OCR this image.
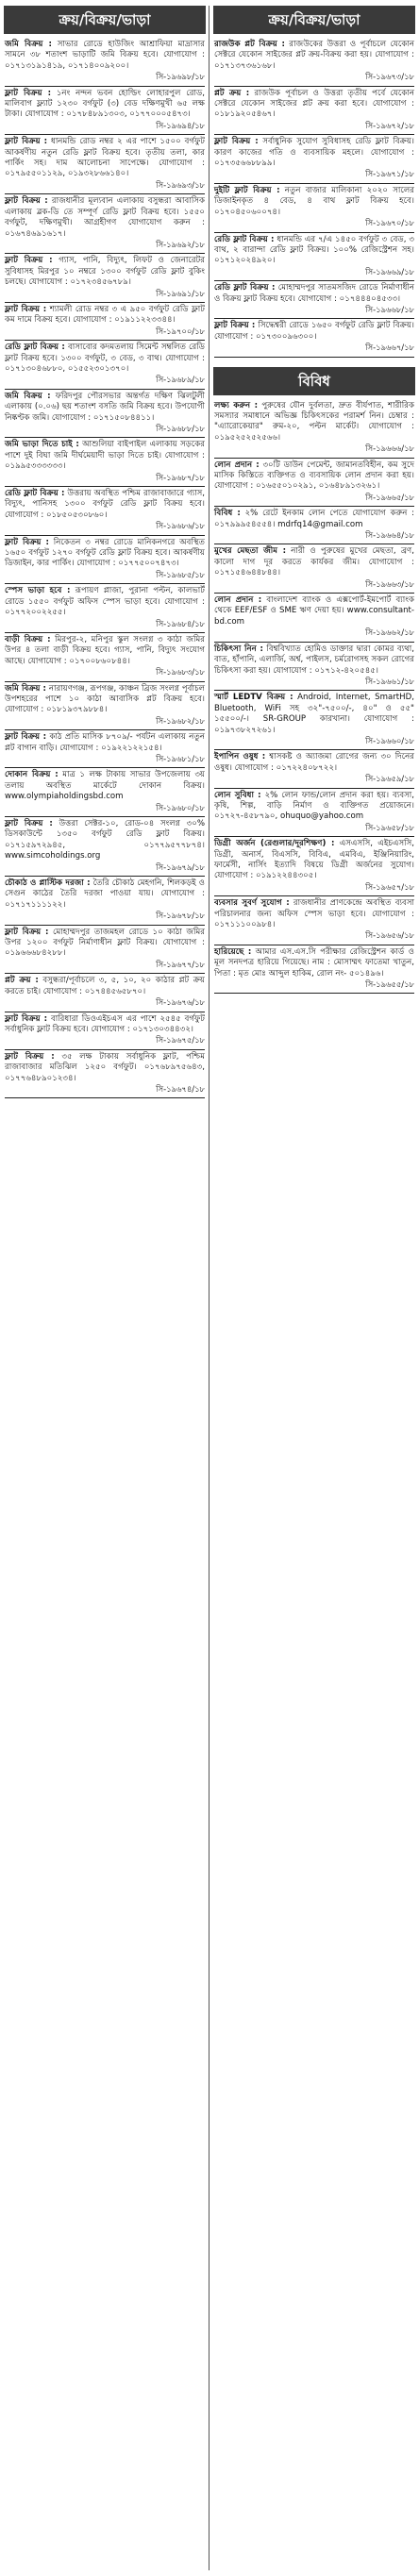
ক্রয়/বিক্রয়/ভাড়া
জমি বিক্রয় : সাভার রোডে হাউজিং আশ্রাফিয়া মাদ্রাসার সামনে ৩৮ শতাংশ ভাড়াটি জমি বিক্রয় হবে। যোগাযোগ : ০১৭১৩১৯১৪১৯, ০১৭১৪০০৯২০০।
সি-১৯৬৯৮/১৮
ফ্লাট বিক্রয় : ১নং নন্দন ভবন হোল্ডিং লোহারপুল রোড, মালিবাগ ফ্ল্যাট ১২৩০ বর্গফুট (৩) বেড দক্ষিণমুখী ৬৫ লক্ষ টাকা। যোগাযোগ : ০১৭৮৪৮৯১৩০৩, ০১৭৭০০০৫৪৭৩।
সি-১৯৬৯৪/১৮
ফ্লাট বিক্রয় : ধানমন্ডি রোড নম্বর ২ এর পাশে ১৫০০ বর্গফুট আকর্ষণীয় নতুন রেডি ফ্লাট বিক্রয় হবে। তৃতীয় তলা, কার পার্কিং সহ। দাম আলোচনা সাপেক্ষে। যোগাযোগ : ০১৭৯৫৫০১১২৯, ০১৯৩২৮৬৬১৪০।
সি-১৯৬৯৩/১৮
ফ্লাট বিক্রয় : রাজধানীর মূল্যবান এলাকায় বসুন্ধরা আবাসিক এলাকায় ব্লক-ডি তে সম্পূর্ণ রেডি ফ্লাট বিক্রয় হবে। ১৫৫০ বর্গফুট, দক্ষিণমুখী। আগ্রহীগণ যোগাযোগ করুন : ০১৬৭৪৬৯১৬১৭।
সি-১৯৬৯২/১৮
ফ্লাট বিক্রয় : গ্যাস, পানি, বিদ্যুৎ, লিফট ও জেনারেটর সুবিধাসহ মিরপুর ১০ নম্বরে ১৩০০ বর্গফুট রেডি ফ্লাট বুকিং চলছে। যোগাযোগ : ০১৭২৩৪৫৬৭৮৯।
সি-১৯৬৯১/১৮
ফ্লাট বিক্রয় : শ্যামলী রোড নম্বর ৩ এ ৯৫০ বর্গফুট রেডি ফ্লাট কম দামে বিক্রয় হবে। যোগাযোগ : ০১৯১১২২৩৩৪৪।
সি-১৯৭০০/১৮
রেডি ফ্লাট বিক্রয় : বাসাবোর কদমতলায় সিমেন্ট সম্বলিত রেডি ফ্লাট বিক্রয় হবে। ১৩০০ বর্গফুট, ৩ বেড, ৩ বাথ। যোগাযোগ : ০১৭১৩০৪৬৮৮০, ০১৫৫২৩০১৩৭০।
সি-১৯৬৮৯/১৮
জমি বিক্রয় : ফরিদপুর পৌরসভার অন্তর্গত দক্ষিণ ঝিলটুলী এলাকায় (০.০৬) ছয় শতাংশ বসতি জমি বিক্রয় হবে। উপযোগী নিষ্কণ্টক জমি। যোগাযোগ : ০১৭১৫০৮৪৪১১।
সি-১৯৬৮৮/১৮
জমি ভাড়া দিতে চাই : আশুলিয়া বাইপাইল এলাকায় সড়কের পাশে দুই বিঘা জমি দীর্ঘমেয়াদী ভাড়া দিতে চাই। যোগাযোগ : ০১৯৯৫৩৩৩৩৩৩।
সি-১৯৬৮৭/১৮
রেডি ফ্লাট বিক্রয় : উত্তরায় অবস্থিত পশ্চিম রাজাবাজারে গ্যাস, বিদ্যুৎ, পানিসহ ১৩০০ বর্গফুট রেডি ফ্লাট বিক্রয় হবে। যোগাযোগ : ০১৮৫০৫৩০৮৬০।
সি-১৯৬৮৬/১৮
ফ্লাট বিক্রয় : নিকেতন ৩ নম্বর রোডে মানিকনগরে অবস্থিত ১৬৫০ বর্গফুট ১২৭০ বর্গফুট রেডি ফ্লাট বিক্রয় হবে। আকর্ষণীয় ডিজাইন, কার পার্কিং। যোগাযোগ : ০১৭৭৫০০৭৪৭৩।
সি-১৯৬৮৫/১৮
স্পেস ভাড়া হবে : রূপায়ণ প্লাজা, পুরানা পল্টন, কালভার্ট রোডে ১৫৫০ বর্গফুট অফিস স্পেস ভাড়া হবে। যোগাযোগ : ০১৭৭২০০২২৫৫।
সি-১৯৬৮৪/১৮
বাড়ী বিক্রয় : মিরপুর-২, মনিপুর স্কুল সংলগ্ন ৩ কাঠা জমির উপর ৪ তলা বাড়ী বিক্রয় হবে। গ্যাস, পানি, বিদ্যুৎ সংযোগ আছে। যোগাযোগ : ০১৭০০৮৬০৮৪৪।
সি-১৯৬৮৩/১৮
জমি বিক্রয় : নারায়ণগঞ্জ, রূপগঞ্জ, কাঞ্চন ব্রিজ সংলগ্ন পূর্বাচল উপশহরের পাশে ১০ কাঠা আবাসিক প্লট বিক্রয় হবে। যোগাযোগ : ০১৮১৯৩৭৯৮৮৪।
সি-১৯৬৮২/১৮
ফ্লাট বিক্রয় : কাঠ প্রতি মাসিক ৮৭০৯/- পর্যটন এলাকায় নতুন প্লট বাগান বাড়ি। যোগাযোগ : ০১৯২২১২২১৫৪।
সি-১৯৬৮১/১৮
দোকান বিক্রয় : মাত্র ১ লক্ষ টাকায় সাভার উপজেলায় ৩য় তলায় অবস্থিত মার্কেটে দোকান বিক্রয়। www.olympiaholdingsbd.com
সি-১৯৬৮০/১৮
ফ্লাট বিক্রয় : উত্তরা সেক্টর-১০, রোড-০৪ সংলগ্ন ৩০% ডিসকাউন্টে ১৩৫০ বর্গফুট রেডি ফ্লাট বিক্রয়। ০১৭১৫৯৭২৯৪৫, ০১৭৭৯৫৭৭৮৭৪। www.simcoholdings.org
সি-১৯৬৭৯/১৮
চৌকাঠ ও প্লাস্টিক দরজা : তৈরি চৌকাঠ মেহগনি, শিলকড়ই ও সেগুন কাঠের তৈরি দরজা পাওয়া যায়। যোগাযোগ : ০১৭১৭১১১১২২।
সি-১৯৬৭৮/১৮
ফ্লাট বিক্রয় : মোহাম্মদপুর তাজমহল রোডে ১০ কাঠা জমির উপর ১২০০ বর্গফুট নির্মাণাধীন ফ্লাট বিক্রয়। যোগাযোগ : ০১৯৬৬৬৮৪২৮৮।
সি-১৯৬৭৭/১৮
প্লট ক্রয় : বসুন্ধরা/পূর্বাচলে ৩, ৫, ১০, ২০ কাঠার প্লট ক্রয় করতে চাই। যোগাযোগ : ০১৭৪৪৫৬৫৮৭০।
সি-১৯৬৭৬/১৮
ফ্লাট বিক্রয় : বারিধারা ডিওএইচএস এর পাশে ২৫৪৫ বর্গফুট সর্বাধুনিক ফ্লাট বিক্রয় হবে। যোগাযোগ : ০১৭১৩০৩৪৪৩২।
সি-১৯৬৭৫/১৮
ফ্লাট বিক্রয় : ৩৫ লক্ষ টাকায় সর্বাধুনিক ফ্লাট, পশ্চিম রাজাবাজার মতিঝিল ১২৫০ বর্গফুট। ০১৭৬৮৯৭৫৬৪৩, ০১৭৭৬৪৮৯০১২৩৪।
সি-১৯৬৭৪/১৮
ক্রয়/বিক্রয়/ভাড়া
রাজউক প্লট বিক্রয় : রাজউকের উত্তরা ও পূর্বাচলে যেকোন সেক্টরে যেকোন সাইজের প্লট ক্রয়-বিক্রয় করা হয়। যোগাযোগ : ০১৭১৩৭৩৬১৬৮।
সি-১৯৬৭৩/১৮
প্লট ক্রয় : রাজউক পূর্বাচল ও উত্তরা তৃতীয় পর্বে যেকোন সেক্টরে যেকোন সাইজের প্লট ক্রয় করা হবে। যোগাযোগ : ০১৮১৯২০৫৪৬৭।
সি-১৯৬৭২/১৮
ফ্লাট বিক্রয় : সর্বাধুনিক সুযোগ সুবিধাসহ রেডি ফ্লাট বিক্রয়। কারণ কাজের গতি ও ব্যবসায়িক মহলে। যোগাযোগ : ০১৭৩৫৬৬৮৮৯৯।
সি-১৯৬৭১/১৮
দুইটি ফ্লাট বিক্রয় : নতুন বাজার মালিকানা ২০২০ সালের ডিজাইনকৃত ৪ বেড, ৪ বাথ ফ্লাট বিক্রয় হবে। ০১৭০৪৫০৬০০৭৪।
সি-১৯৬৭০/১৮
রেডি ফ্লাট বিক্রয় : ধানমন্ডি এর ৭/এ ১৪৫০ বর্গফুট ৩ বেড, ৩ বাথ, ২ বারান্দা রেডি ফ্লাট বিক্রয়। ১০০% রেজিস্ট্রেশন সহ। ০১৭১২০২৪৯২০।
সি-১৯৬৬৯/১৮
রেডি ফ্লাট বিক্রয় : মোহাম্মদপুর সাতমসজিদ রোডে নির্মাণাধীন ও বিক্রয় ফ্লাট বিক্রয় হবে। যোগাযোগ : ০১৭৪৪৪০৪৫৩৩।
সি-১৯৬৬৮/১৮
ফ্লাট বিক্রয় : সিদ্ধেশ্বরী রোডে ১৬৫০ বর্গফুট রেডি ফ্লাট বিক্রয়। যোগাযোগ : ০১৭৩০০৯৬৩০০।
সি-১৯৬৬৭/১৮
বিবিধ
লক্ষ্য করুন : পুরুষের যৌন দুর্বলতা, দ্রুত বীর্যপাত, শারীরিক সমস্যার সমাধানে অভিজ্ঞ চিকিৎসকের পরামর্শ নিন। চেম্বার : "এ্যারোকেয়ার" রুম-২০, পল্টন মার্কেট। যোগাযোগ : ০১৯৫২৫২৫২৫৬৬।
সি-১৯৬৬৬/১৮
লোন প্রদান : ৩০টি ডাউন পেমেন্ট, জামানতবিহীন, কম সুদে মাসিক কিস্তিতে ব্যক্তিগত ও ব্যবসায়িক লোন প্রদান করা হয়। যোগাযোগ : ০১৬৫৫০১০২৯১, ০১৬৪৮৯১৩২৬১।
সি-১৯৬৬৫/১৮
বিবিধ : ২% রেটে ইনকাম লোন পেতে যোগাযোগ করুন : ০১৭৯৯৯৫৪৫৫৪। mdrfq14@gmail.com
সি-১৯৬৬৪/১৮
মুখের মেছতা জীম : নারী ও পুরুষের মুখের মেছতা, ব্রণ, কালো দাগ দূর করতে কার্যকর জীম। যোগাযোগ : ০১৭১৫৪৬৪৪৮৪৪।
সি-১৯৬৬৩/১৮
লোন প্রদান : বাংলাদেশ ব্যাংক ও এক্সপোর্ট-ইমপোর্ট ব্যাংক থেকে EEF/ESF ও SME ঋণ দেয়া হয়। www.consultant-bd.com
সি-১৯৬৬২/১৮
চিকিৎসা নিন : বিশ্ববিখ্যাত হোমিও ডাক্তার দ্বারা কোমর ব্যথা, বাত, হাঁপানি, এলার্জি, অর্শ্ব, পাইলস, চর্মরোগসহ সকল রোগের চিকিৎসা করা হয়। যোগাযোগ : ০১৭১২-৪২০৫৪৫।
সি-১৯৬৬১/১৮
স্মার্ট LEDTV বিক্রয় : Android, Internet, SmartHD, Bluetooth, WiFi সহ ৩২"-৭৫০০/-, ৪০" ও ৫৫" ১৫৫০০/-। SR-GROUP কারখানা। যোগাযোগ : ০১৯৭৩৮২৭২৬১।
সি-১৯৬৬০/১৮
ইপাপিন ওষুধ : শ্বাসকষ্ট ও অ্যাজমা রোগের জন্য ৩০ দিনের ওষুধ। যোগাযোগ : ০১৭২২৪০৮৭২২।
সি-১৯৬৫৯/১৮
লোন সুবিধা : ২% লোন ফান্ড/লোন প্রদান করা হয়। ব্যবসা, কৃষি, শিল্প, বাড়ি নির্মাণ ও ব্যক্তিগত প্রয়োজনে। ০১৭২৭-৪৫৮৭৯০, ohuquo@yahoo.com
সি-১৯৬৫৮/১৮
ডিগ্রী অর্জন (রেগুলার/দূরশিক্ষণ) : এসএসসি, এইচএসসি, ডিগ্রী, অনার্স, বিএসসি, বিবিএ, এমবিএ, ইঞ্জিনিয়ারিং, ফার্মেসী, নার্সিং ইত্যাদি বিষয়ে ডিগ্রী অর্জনের সুযোগ। যোগাযোগ : ০১৯১২২৪৪৩০৫।
সি-১৯৬৫৭/১৮
ব্যবসার সুবর্ণ সুযোগ : রাজধানীর প্রাণকেন্দ্রে অবস্থিত ব্যবসা পরিচালনার জন্য অফিস স্পেস ভাড়া হবে। যোগাযোগ : ০১৭১১১০০৯৮৪।
সি-১৯৬৫৬/১৮
হারিয়েছে : আমার এস.এস.সি পরীক্ষার রেজিস্ট্রেশন কার্ড ও মূল সনদপত্র হারিয়ে গিয়েছে। নাম : মোসাম্মৎ ফাতেমা খাতুন, পিতা : মৃত মোঃ আব্দুল হাকিম, রোল নং- ৫০১৪৯৬।
সি-১৯৬৫৫/১৮
